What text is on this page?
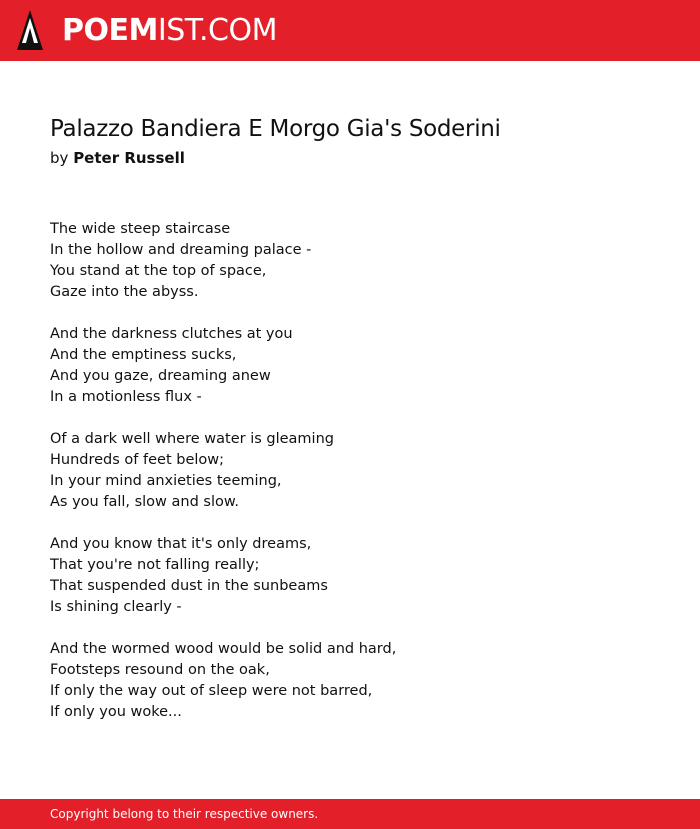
POEMIST.COM
Palazzo Bandiera E Morgo Gia's Soderini
by Peter Russell
The wide steep staircase
In the hollow and dreaming palace -
You stand at the top of space,
Gaze into the abyss.
And the darkness clutches at you
And the emptiness sucks,
And you gaze, dreaming anew
In a motionless flux -
Of a dark well where water is gleaming
Hundreds of feet below;
In your mind anxieties teeming,
As you fall, slow and slow.
And you know that it's only dreams,
That you're not falling really;
That suspended dust in the sunbeams
Is shining clearly -
And the wormed wood would be solid and hard,
Footsteps resound on the oak,
If only the way out of sleep were not barred,
If only you woke...
Copyright belong to their respective owners.
